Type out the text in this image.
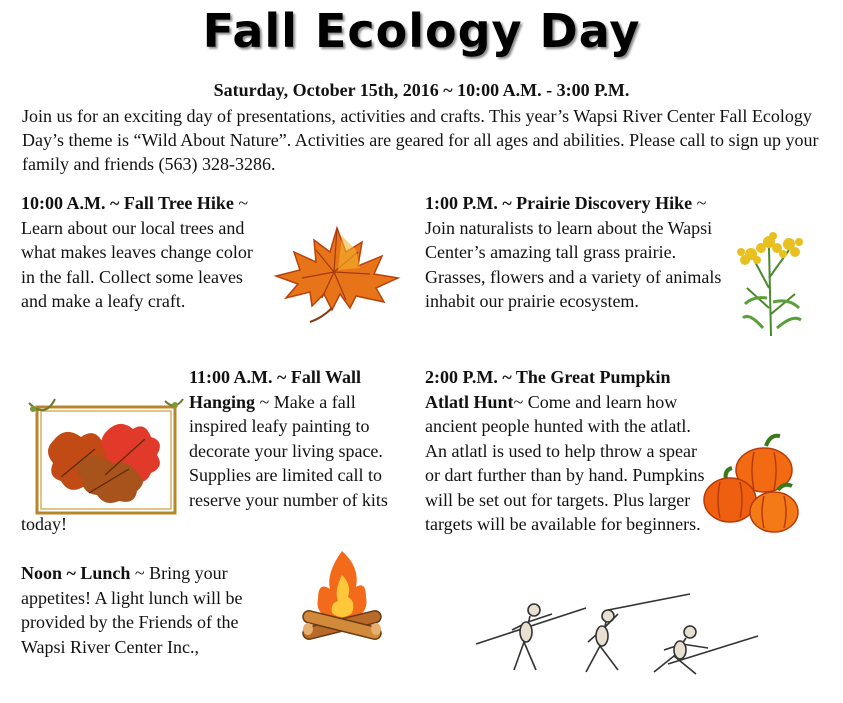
Fall Ecology Day
Saturday, October 15th, 2016 ~ 10:00 A.M. - 3:00 P.M.
Join us for an exciting day of presentations, activities and crafts. This year’s Wapsi River Center Fall Ecology Day’s theme is “Wild About Nature”. Activities are geared for all ages and abilities. Please call to sign up your family and friends (563) 328-3286.
10:00 A.M. ~ Fall Tree Hike ~ Learn about our local trees and what makes leaves change color in the fall. Collect some leaves and make a leafy craft.
11:00 A.M. ~ Fall Wall Hanging ~ Make a fall inspired leafy painting to decorate your living space. Supplies are limited call to reserve your number of kits today!
Noon ~ Lunch ~ Bring your appetites! A light lunch will be provided by the Friends of the Wapsi River Center Inc.,
1:00 P.M. ~ Prairie Discovery Hike ~ Join naturalists to learn about the Wapsi Center’s amazing tall grass prairie. Grasses, flowers and a variety of animals inhabit our prairie ecosystem.
2:00 P.M. ~ The Great Pumpkin Atlatl Hunt~ Come and learn how ancient people hunted with the atlatl. An atlatl is used to help throw a spear or dart further than by hand. Pumpkins will be set out for targets. Plus larger targets will be available for beginners.
